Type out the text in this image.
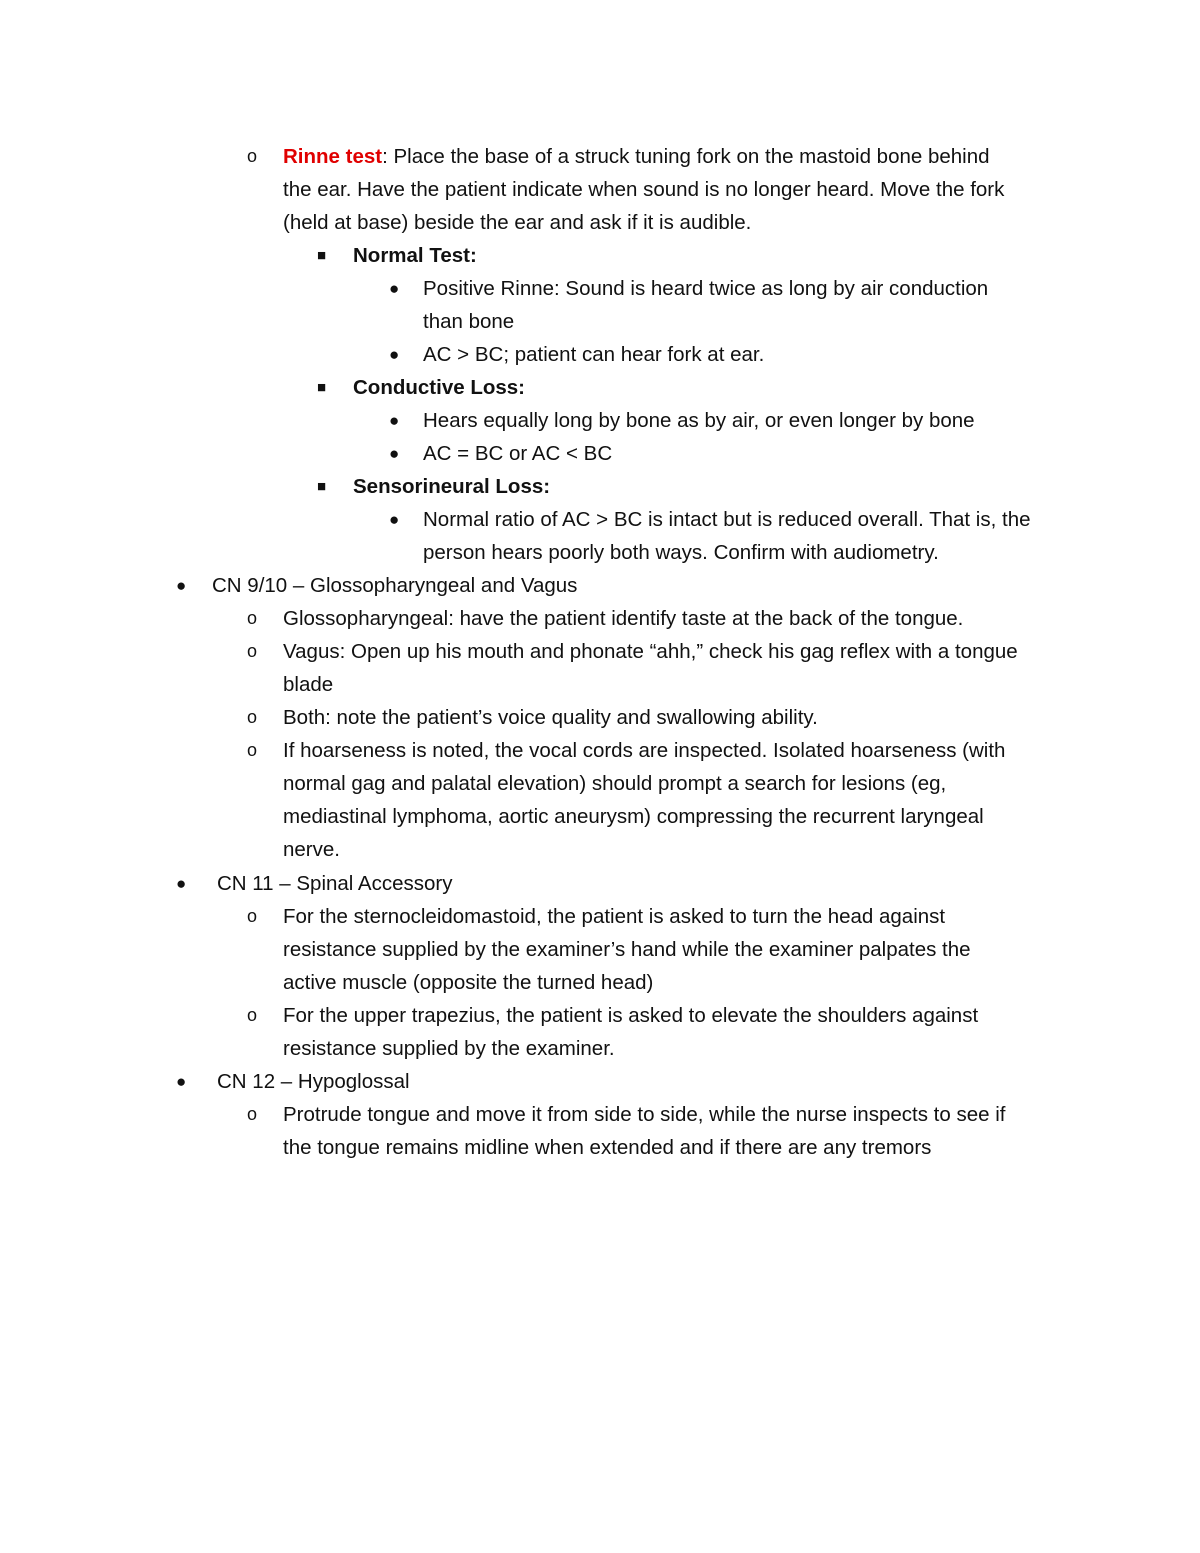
o Rinne test: Place the base of a struck tuning fork on the mastoid bone behind
the ear. Have the patient indicate when sound is no longer heard. Move the fork
(held at base) beside the ear and ask if it is audible.
■ Normal Test:
● Positive Rinne: Sound is heard twice as long by air conduction
than bone
● AC > BC; patient can hear fork at ear.
■ Conductive Loss:
● Hears equally long by bone as by air, or even longer by bone
● AC = BC or AC < BC
■ Sensorineural Loss:
● Normal ratio of AC > BC is intact but is reduced overall. That is, the
person hears poorly both ways. Confirm with audiometry.
● CN 9/10 – Glossopharyngeal and Vagus
o Glossopharyngeal: have the patient identify taste at the back of the tongue.
o Vagus: Open up his mouth and phonate “ahh,” check his gag reflex with a tongue
blade
o Both: note the patient’s voice quality and swallowing ability.
o If hoarseness is noted, the vocal cords are inspected. Isolated hoarseness (with
normal gag and palatal elevation) should prompt a search for lesions (eg,
mediastinal lymphoma, aortic aneurysm) compressing the recurrent laryngeal
nerve.
● CN 11 – Spinal Accessory
o For the sternocleidomastoid, the patient is asked to turn the head against
resistance supplied by the examiner’s hand while the examiner palpates the
active muscle (opposite the turned head)
o For the upper trapezius, the patient is asked to elevate the shoulders against
resistance supplied by the examiner.
● CN 12 – Hypoglossal
o Protrude tongue and move it from side to side, while the nurse inspects to see if
the tongue remains midline when extended and if there are any tremors
